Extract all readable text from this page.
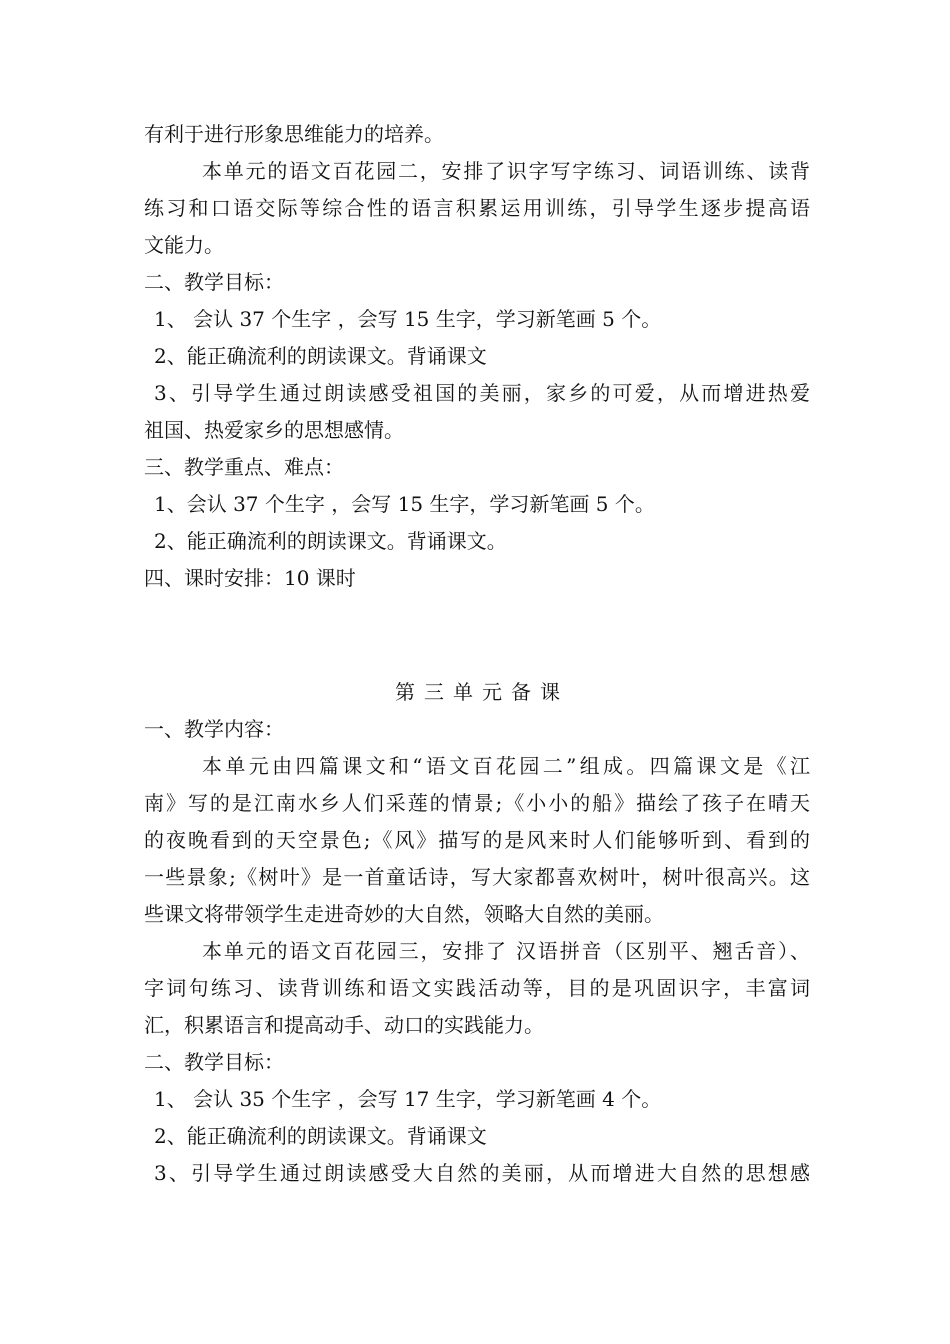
有利于进行形象思维能力的培养。
本单元的语文百花园二，安排了识字写字练习、词语训练、读背
练习和口语交际等综合性的语言积累运用训练，引导学生逐步提高语
文能力。
二、教学目标：
1、 会认 37 个生字 ，会写 15 生字，学习新笔画 5 个。
2、能正确流利的朗读课文。背诵课文
3、引导学生通过朗读感受祖国的美丽，家乡的可爱，从而增进热爱
祖国、热爱家乡的思想感情。
三、教学重点、难点：
1、会认 37 个生字 ，会写 15 生字，学习新笔画 5 个。
2、能正确流利的朗读课文。背诵课文。
四、课时安排：10 课时
第三单元备课
一、教学内容：
本单元由四篇课文和“语文百花园二”组成。四篇课文是《江
南》写的是江南水乡人们采莲的情景;《小小的船》描绘了孩子在晴天
的夜晚看到的天空景色;《风》描写的是风来时人们能够听到、看到的
一些景象;《树叶》是一首童话诗，写大家都喜欢树叶，树叶很高兴。这
些课文将带领学生走进奇妙的大自然，领略大自然的美丽。
本单元的语文百花园三，安排了 汉语拼音（区别平、翘舌音）、
字词句练习、读背训练和语文实践活动等，目的是巩固识字，丰富词
汇，积累语言和提高动手、动口的实践能力。
二、教学目标：
1、 会认 35 个生字 ，会写 17 生字，学习新笔画 4 个。
2、能正确流利的朗读课文。背诵课文
3、引导学生通过朗读感受大自然的美丽，从而增进大自然的思想感
